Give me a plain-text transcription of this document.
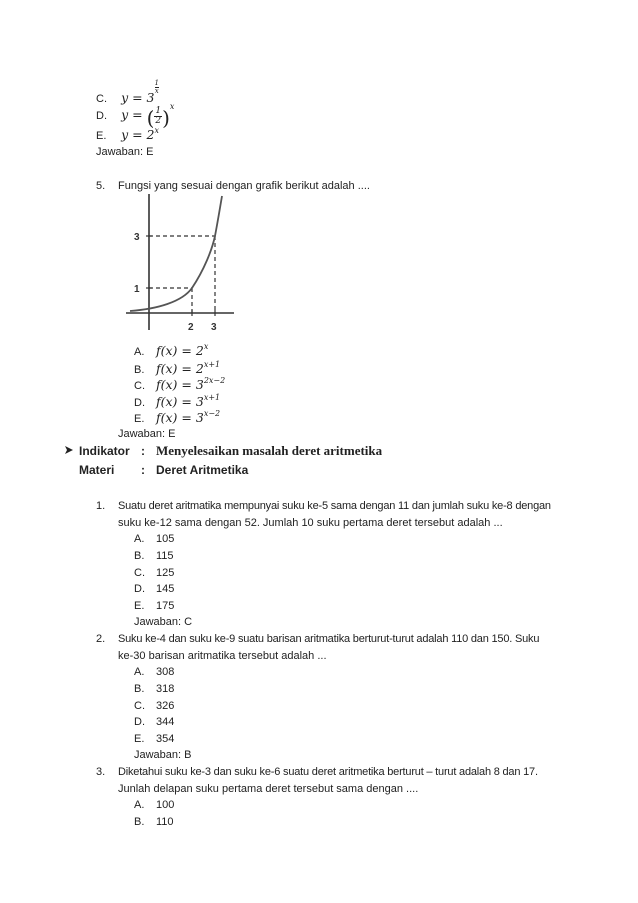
C. y = 3
$\frac{1}{x}$
D. y = ( $\frac{1}{2} )^x$
E. $y = 2^x$
Jawaban: E
5. Fungsi yang sesuai dengan grafik berikut adalah ....
3
1
2 3
A. $f(x) = 2^x$
B. $f(x) = 2^{x+1}$
C. $f(x) = 3^{2x-2}$
D. $f(x) = 3^{x+1}$
E. $f(x) = 3^{x-2}$
Jawaban: E
Indikator : Menyelesaikan masalah deret aritmetika
Materi : Deret Aritmetika
1. Suatu deret aritmatika mempunyai suku ke-5 sama dengan 11 dan jumlah suku ke-8 dengan
suku ke-12 sama dengan 52. Jumlah 10 suku pertama deret tersebut adalah ...
A. 105
B. 115
C. 125
D. 145
E. 175
Jawaban: C
2. Suku ke-4 dan suku ke-9 suatu barisan aritmatika berturut-turut adalah 110 dan 150. Suku
ke-30 barisan aritmatika tersebut adalah ...
A. 308
B. 318
C. 326
D. 344
E. 354
Jawaban: B
3. Diketahui suku ke-3 dan suku ke-6 suatu deret aritmetika berturut – turut adalah 8 dan 17.
Junlah delapan suku pertama deret tersebut sama dengan ....
A. 100
B. 110
